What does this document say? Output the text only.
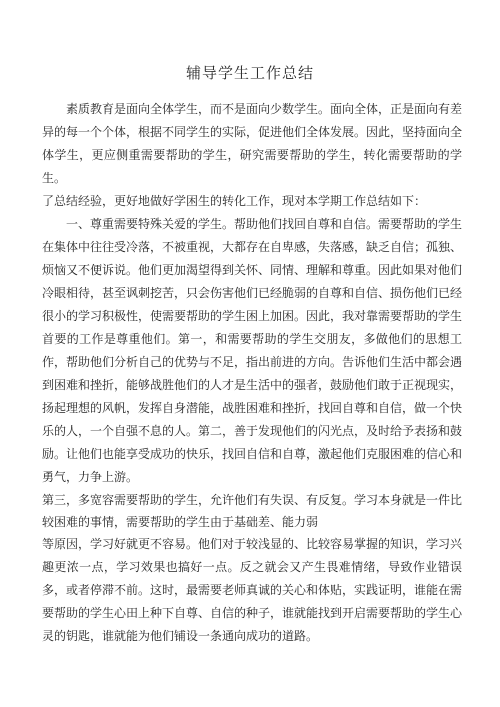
辅导学生工作总结

素质教育是面向全体学生，而不是面向少数学生。面向全体，正是面向有差异的每一个个体，根据不同学生的实际，促进他们全体发展。因此，坚持面向全体学生，更应侧重需要帮助的学生，研究需要帮助的学生，转化需要帮助的学生。

了总结经验，更好地做好学困生的转化工作，现对本学期工作总结如下：

一、尊重需要特殊关爱的学生。帮助他们找回自尊和自信。需要帮助的学生在集体中往往受冷落，不被重视，大都存在自卑感，失落感，缺乏自信；孤独、烦恼又不便诉说。他们更加渴望得到关怀、同情、理解和尊重。因此如果对他们冷眼相待，甚至讽刺挖苦，只会伤害他们已经脆弱的自尊和自信、损伤他们已经很小的学习积极性，使需要帮助的学生困上加困。因此，我对靠需要帮助的学生首要的工作是尊重他们。第一，和需要帮助的学生交朋友，多做他们的思想工作，帮助他们分析自己的优势与不足，指出前进的方向。告诉他们生活中都会遇到困难和挫折，能够战胜他们的人才是生活中的强者，鼓励他们敢于正视现实，扬起理想的风帆，发挥自身潜能，战胜困难和挫折，找回自尊和自信，做一个快乐的人，一个自强不息的人。第二，善于发现他们的闪光点，及时给予表扬和鼓励。让他们也能享受成功的快乐，找回自信和自尊，激起他们克服困难的信心和勇气，力争上游。

第三，多宽容需要帮助的学生，允许他们有失误、有反复。学习本身就是一件比较困难的事情，需要帮助的学生由于基础差、能力弱

等原因，学习好就更不容易。他们对于较浅显的、比较容易掌握的知识，学习兴趣更浓一点，学习效果也搞好一点。反之就会又产生畏难情绪，导致作业错误多，或者停滞不前。这时，最需要老师真诚的关心和体贴，实践证明，谁能在需要帮助的学生心田上种下自尊、自信的种子，谁就能找到开启需要帮助的学生心灵的钥匙，谁就能为他们铺设一条通向成功的道路。
